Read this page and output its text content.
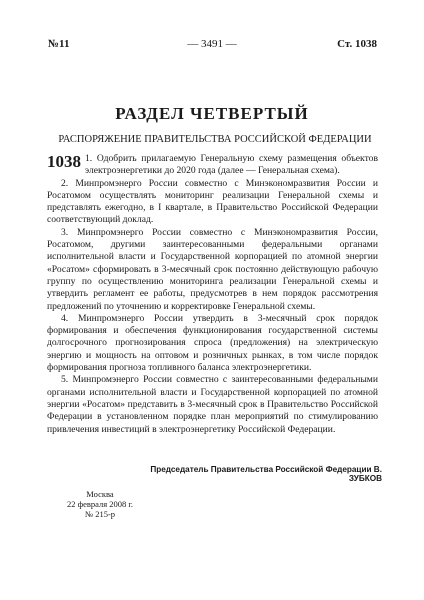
№11	— 3491 —	Ст. 1038
РАЗДЕЛ ЧЕТВЕРТЫЙ
РАСПОРЯЖЕНИЕ ПРАВИТЕЛЬСТВА РОССИЙСКОЙ ФЕДЕРАЦИИ
1038 1. Одобрить прилагаемую Генеральную схему размещения объектов электроэнергетики до 2020 года (далее — Генеральная схема).

2. Минпромэнерго России совместно с Минэкономразвития России и Росатомом осуществлять мониторинг реализации Генеральной схемы и представлять ежегодно, в I квартале, в Правительство Российской Федерации соответствующий доклад.

3. Минпромэнерго России совместно с Минэкономразвития России, Росатомом, другими заинтересованными федеральными органами исполнительной власти и Государственной корпорацией по атомной энергии «Росатом» сформировать в 3-месячный срок постоянно действующую рабочую группу по осуществлению мониторинга реализации Генеральной схемы и утвердить регламент ее работы, предусмотрев в нем порядок рассмотрения предложений по уточнению и корректировке Генеральной схемы.

4. Минпромэнерго России утвердить в 3-месячный срок порядок формирования и обеспечения функционирования государственной системы долгосрочного прогнозирования спроса (предложения) на электрическую энергию и мощность на оптовом и розничных рынках, в том числе порядок формирования прогноза топливного баланса электроэнергетики.

5. Минпромэнерго России совместно с заинтересованными федеральными органами исполнительной власти и Государственной корпорацией по атомной энергии «Росатом» представить в 3-месячный срок в Правительство Российской Федерации в установленном порядке план мероприятий по стимулированию привлечения инвестиций в электроэнергетику Российской Федерации.

Председатель Правительства Российской Федерации В. ЗУБКОВ
Москва
22 февраля 2008 г.
№ 215-р
